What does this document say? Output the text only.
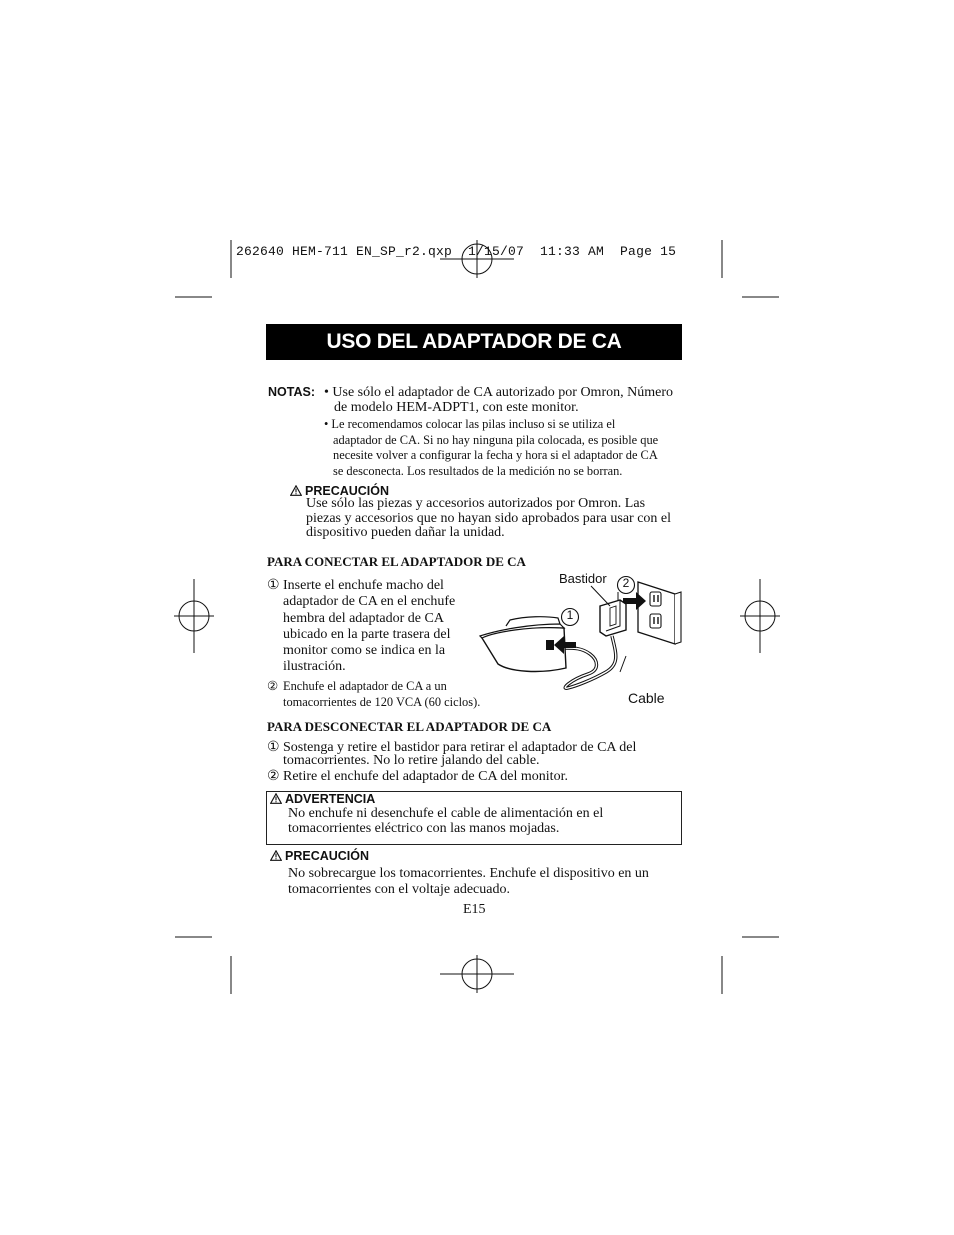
262640 HEM-711 EN_SP_r2.qxp  1/15/07  11:33 AM  Page 15
USO DEL ADAPTADOR DE CA
NOTAS: • Use sólo el adaptador de CA autorizado por Omron, Número
de modelo HEM-ADPT1, con este monitor.
• Le recomendamos colocar las pilas incluso si se utiliza el
adaptador de CA. Si no hay ninguna pila colocada, es posible que
necesite volver a configurar la fecha y hora si el adaptador de CA
se desconecta. Los resultados de la medición no se borran.
PRECAUCIÓN
Use sólo las piezas y accesorios autorizados por Omron. Las
piezas y accesorios que no hayan sido aprobados para usar con el
dispositivo pueden dañar la unidad.
PARA CONECTAR EL ADAPTADOR DE CA
① Inserte el enchufe macho del
adaptador de CA en el enchufe
hembra del adaptador de CA
ubicado en la parte trasera del
monitor como se indica en la
ilustración.
② Enchufe el adaptador de CA a un
tomacorrientes de 120 VCA (60 ciclos).
1
2
Bastidor
Cable
PARA DESCONECTAR EL ADAPTADOR DE CA
① Sostenga y retire el bastidor para retirar el adaptador de CA del
tomacorrientes. No lo retire jalando del cable.
② Retire el enchufe del adaptador de CA del monitor.
ADVERTENCIA
No enchufe ni desenchufe el cable de alimentación en el
tomacorrientes eléctrico con las manos mojadas.
PRECAUCIÓN
No sobrecargue los tomacorrientes. Enchufe el dispositivo en un
tomacorrientes con el voltaje adecuado.
E15
